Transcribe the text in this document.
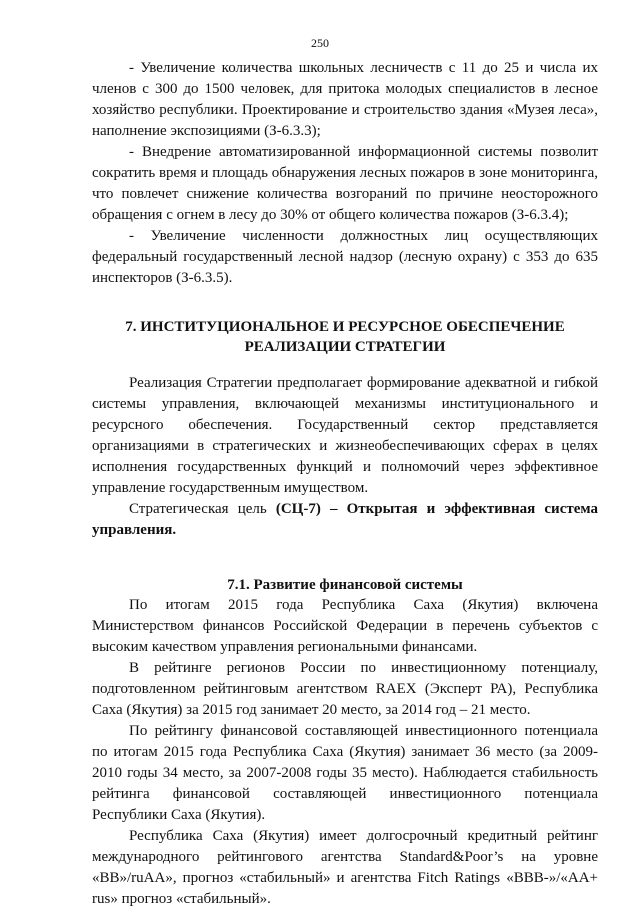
250

- Увеличение количества школьных лесничеств с 11 до 25 и числа их членов с 300 до 1500 человек, для притока молодых специалистов в лесное хозяйство республики. Проектирование и строительство здания «Музея леса», наполнение экспозициями (З-6.3.3);

- Внедрение автоматизированной информационной системы позволит сократить время и площадь обнаружения лесных пожаров в зоне мониторинга, что повлечет снижение количества возгораний по причине неосторожного обращения с огнем в лесу до 30% от общего количества пожаров (З-6.3.4);

- Увеличение численности должностных лиц осуществляющих федеральный государственный лесной надзор (лесную охрану) с 353 до 635 инспекторов (З-6.3.5).

7. ИНСТИТУЦИОНАЛЬНОЕ И РЕСУРСНОЕ ОБЕСПЕЧЕНИЕ РЕАЛИЗАЦИИ СТРАТЕГИИ

Реализация Стратегии предполагает формирование адекватной и гибкой системы управления, включающей механизмы институционального и ресурсного обеспечения. Государственный сектор представляется организациями в стратегических и жизнеобеспечивающих сферах в целях исполнения государственных функций и полномочий через эффективное управление государственным имуществом.

Стратегическая цель (СЦ-7) – Открытая и эффективная система управления.

7.1. Развитие финансовой системы

По итогам 2015 года Республика Саха (Якутия) включена Министерством финансов Российской Федерации в перечень субъектов с высоким качеством управления региональными финансами.

В рейтинге регионов России по инвестиционному потенциалу, подготовленном рейтинговым агентством RAEX (Эксперт РА), Республика Саха (Якутия) за 2015 год занимает 20 место, за 2014 год – 21 место.

По рейтингу финансовой составляющей инвестиционного потенциала по итогам 2015 года Республика Саха (Якутия) занимает 36 место (за 2009-2010 годы 34 место, за 2007-2008 годы 35 место). Наблюдается стабильность рейтинга финансовой составляющей инвестиционного потенциала Республики Саха (Якутия).

Республика Саха (Якутия) имеет долгосрочный кредитный рейтинг международного рейтингового агентства Standard&Poor’s на уровне «BB»/ruAA», прогноз «стабильный» и агентства Fitch Ratings «BBB-»/«AA+ rus» прогноз «стабильный».
